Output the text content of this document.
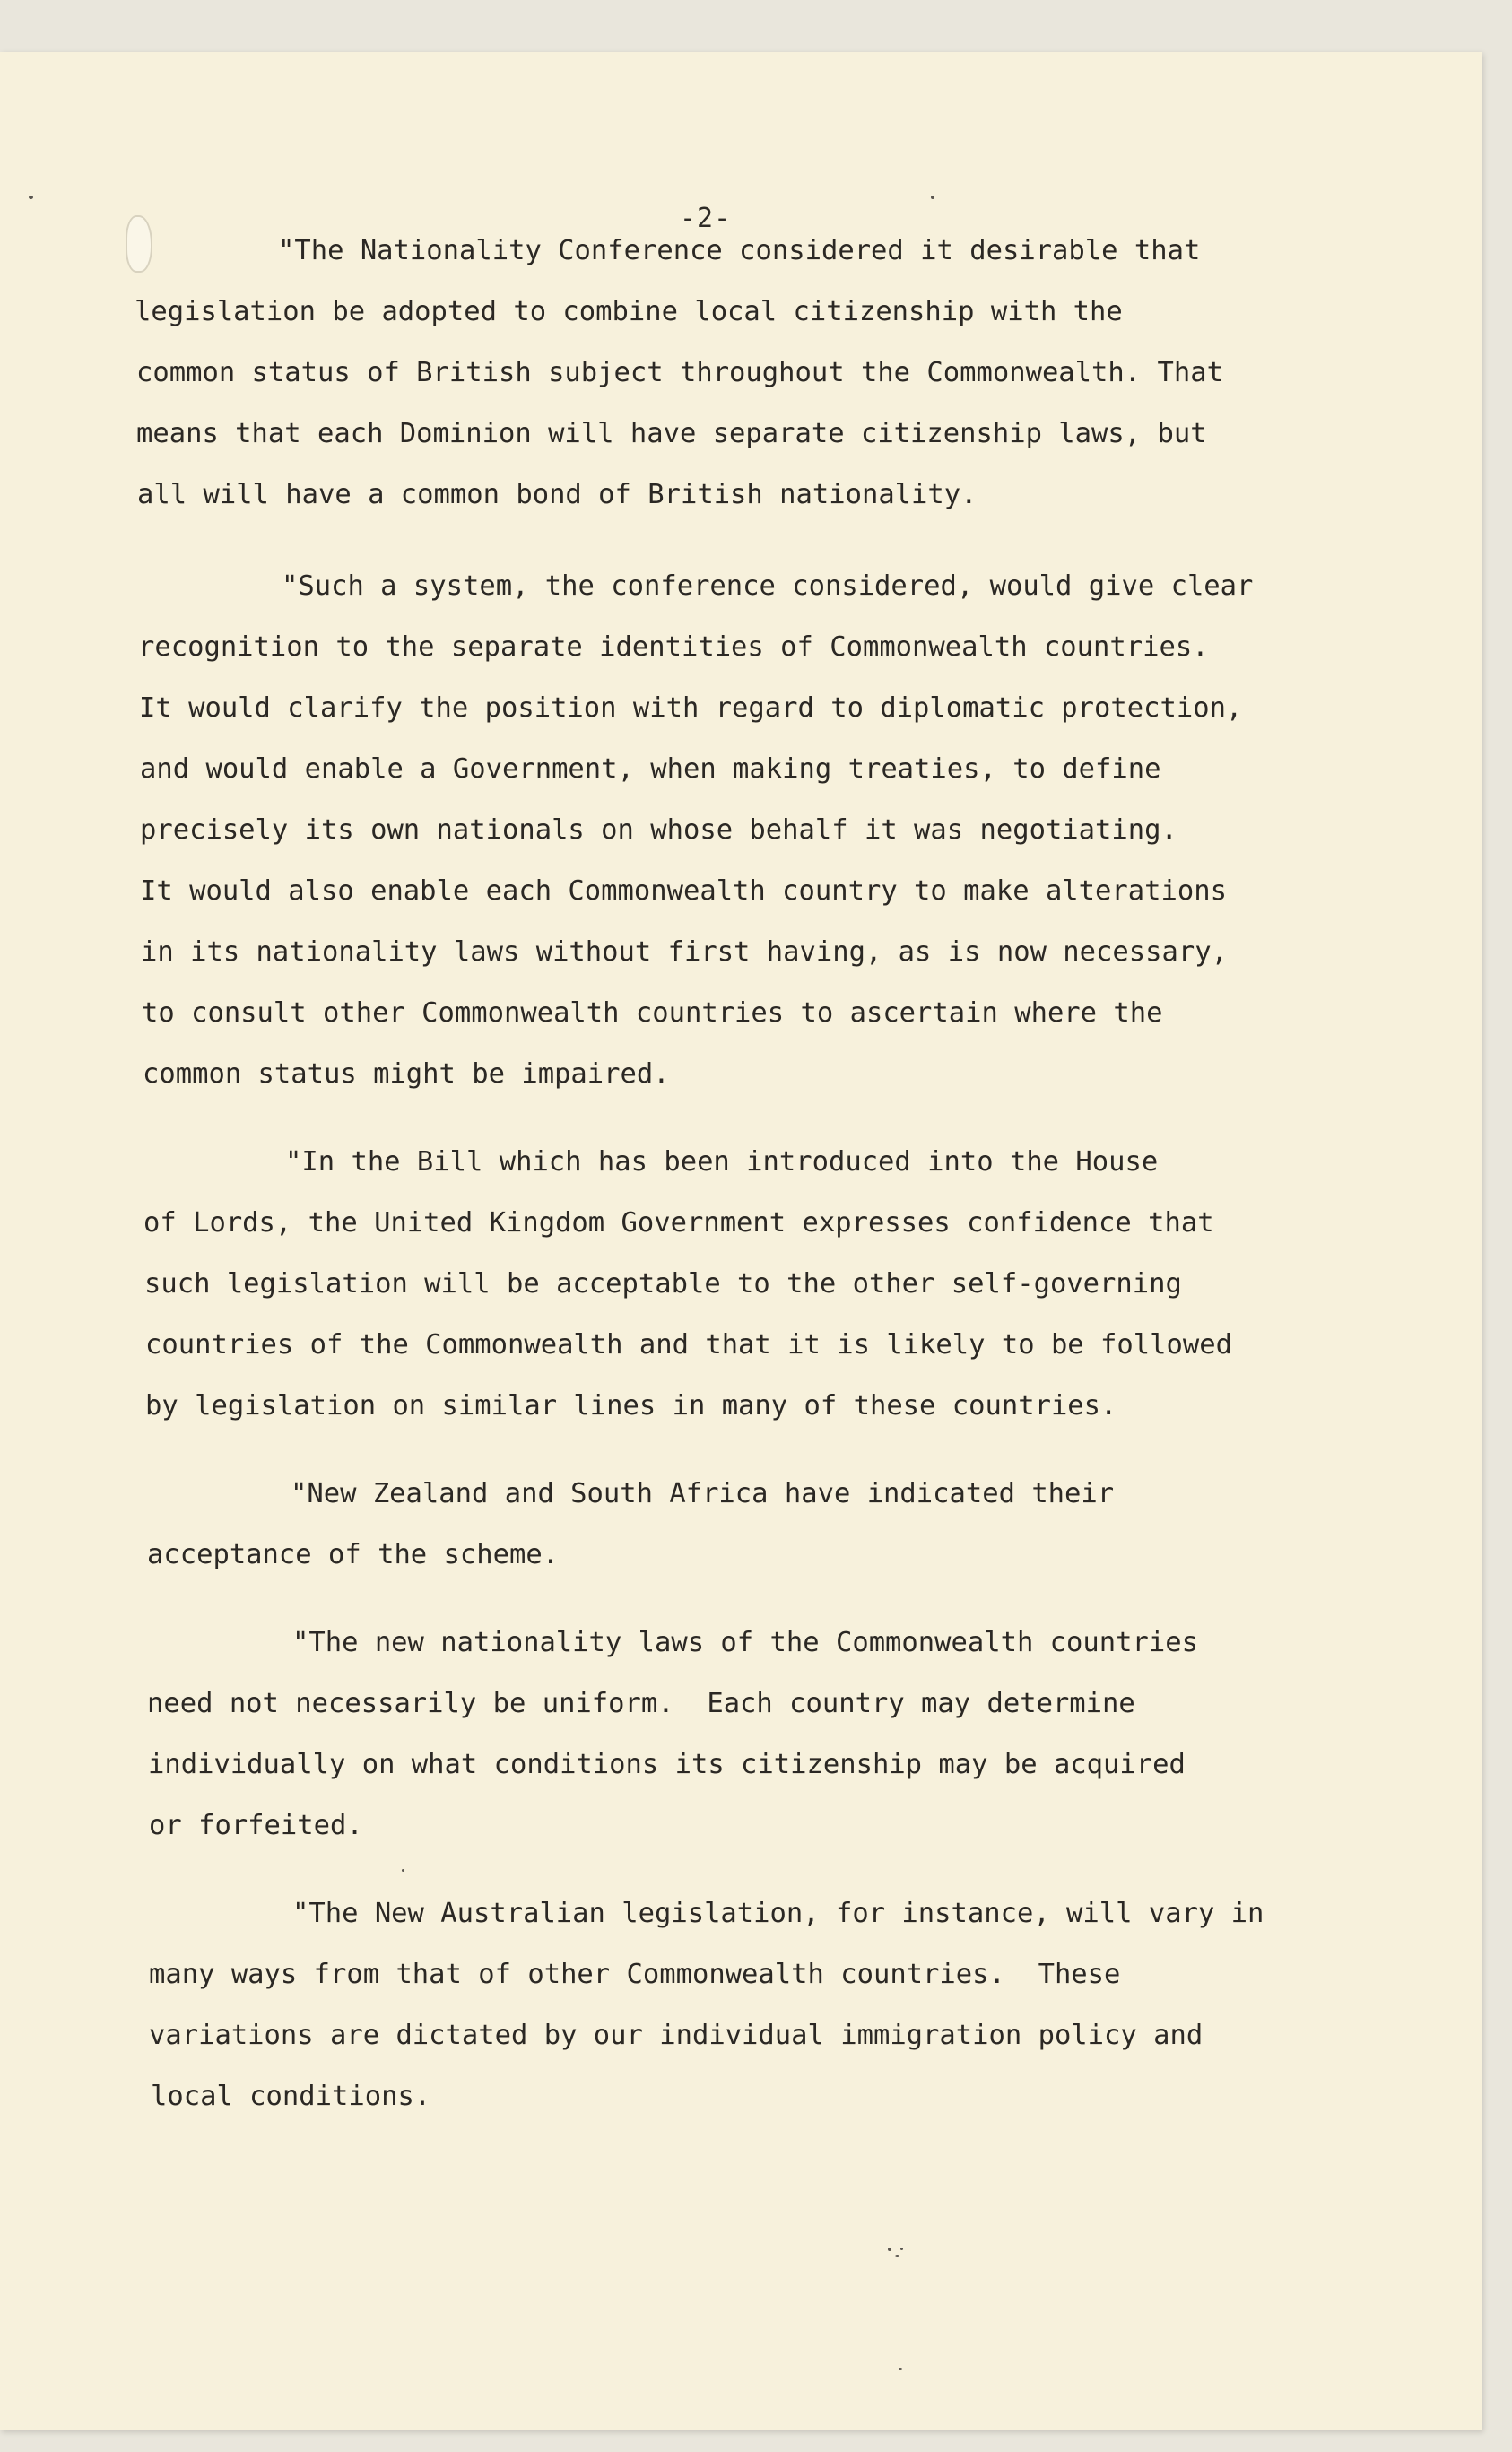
-2-
"The Nationality Conference considered it desirable that
legislation be adopted to combine local citizenship with the
common status of British subject throughout the Commonwealth. That
means that each Dominion will have separate citizenship laws, but
all will have a common bond of British nationality.
"Such a system, the conference considered, would give clear
recognition to the separate identities of Commonwealth countries.
It would clarify the position with regard to diplomatic protection,
and would enable a Government, when making treaties, to define
precisely its own nationals on whose behalf it was negotiating.
It would also enable each Commonwealth country to make alterations
in its nationality laws without first having, as is now necessary,
to consult other Commonwealth countries to ascertain where the
common status might be impaired.
"In the Bill which has been introduced into the House
of Lords, the United Kingdom Government expresses confidence that
such legislation will be acceptable to the other self-governing
countries of the Commonwealth and that it is likely to be followed
by legislation on similar lines in many of these countries.
"New Zealand and South Africa have indicated their
acceptance of the scheme.
"The new nationality laws of the Commonwealth countries
need not necessarily be uniform.  Each country may determine
individually on what conditions its citizenship may be acquired
or forfeited.
"The New Australian legislation, for instance, will vary in
many ways from that of other Commonwealth countries.  These
variations are dictated by our individual immigration policy and
local conditions.
